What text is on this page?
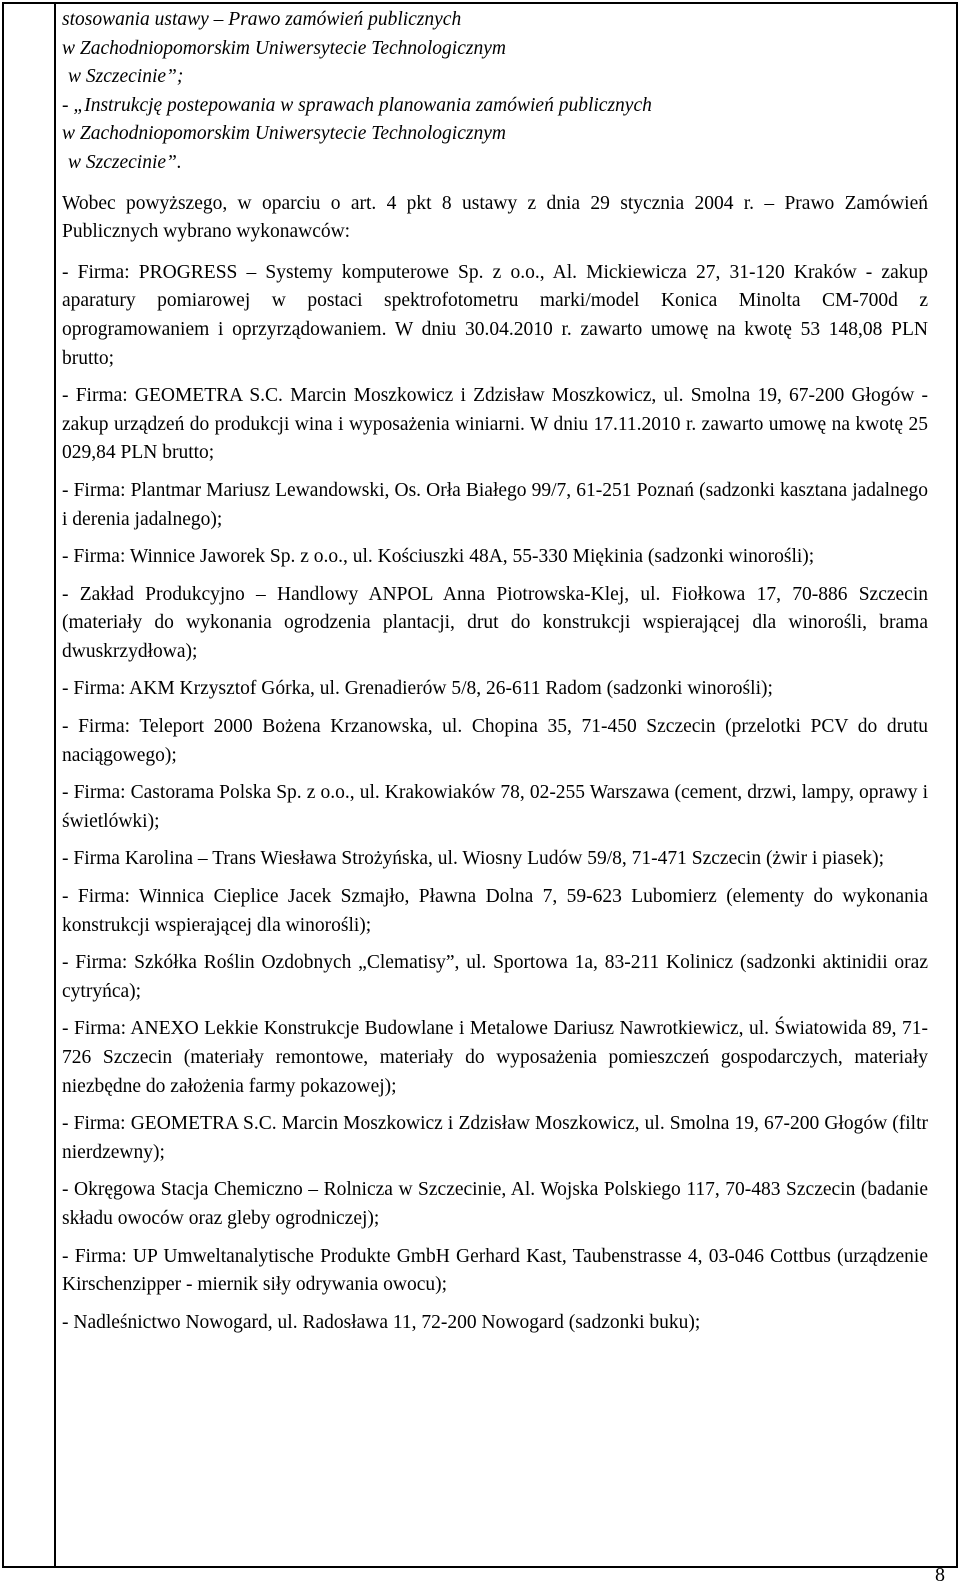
stosowania ustawy – Prawo zamówień publicznych

w Zachodniopomorskim Uniwersytecie Technologicznym

w Szczecinie”;

- „Instrukcję postepowania w sprawach planowania zamówień publicznych

w Zachodniopomorskim Uniwersytecie Technologicznym

w Szczecinie”.

Wobec powyższego, w oparciu o art. 4 pkt 8 ustawy z dnia 29 stycznia 2004 r. – Prawo Zamówień Publicznych wybrano wykonawców:

- Firma: PROGRESS – Systemy komputerowe Sp. z o.o., Al. Mickiewicza 27, 31-120 Kraków - zakup aparatury pomiarowej w postaci spektrofotometru marki/model Konica Minolta CM-700d z oprogramowaniem i oprzyrządowaniem. W dniu 30.04.2010 r. zawarto umowę na kwotę 53 148,08 PLN brutto;

- Firma: GEOMETRA S.C. Marcin Moszkowicz i Zdzisław Moszkowicz, ul. Smolna 19, 67-200 Głogów - zakup urządzeń do produkcji wina i wyposażenia winiarni. W dniu 17.11.2010 r. zawarto umowę na kwotę 25 029,84 PLN brutto;

- Firma: Plantmar Mariusz Lewandowski, Os. Orła Białego 99/7, 61-251 Poznań (sadzonki kasztana jadalnego i derenia jadalnego);

- Firma: Winnice Jaworek Sp. z o.o., ul. Kościuszki 48A, 55-330 Miękinia (sadzonki winorośli);

- Zakład Produkcyjno – Handlowy ANPOL Anna Piotrowska-Klej, ul. Fiołkowa 17, 70-886 Szczecin (materiały do wykonania ogrodzenia plantacji, drut do konstrukcji wspierającej dla winorośli, brama dwuskrzydłowa);

- Firma: AKM Krzysztof Górka, ul. Grenadierów 5/8, 26-611 Radom (sadzonki winorośli);

- Firma: Teleport 2000 Bożena Krzanowska, ul. Chopina 35, 71-450 Szczecin (przelotki PCV do drutu naciągowego);

- Firma: Castorama Polska Sp. z o.o., ul. Krakowiaków 78, 02-255 Warszawa (cement, drzwi, lampy, oprawy i świetlówki);

- Firma Karolina – Trans Wiesława Strożyńska, ul. Wiosny Ludów 59/8, 71-471 Szczecin (żwir i piasek);

- Firma: Winnica Cieplice Jacek Szmajło, Pławna Dolna 7, 59-623 Lubomierz (elementy do wykonania konstrukcji wspierającej dla winorośli);

- Firma: Szkółka Roślin Ozdobnych „Clematisy”, ul. Sportowa 1a, 83-211 Kolinicz (sadzonki aktinidii oraz cytryńca);

- Firma: ANEXO Lekkie Konstrukcje Budowlane i Metalowe Dariusz Nawrotkiewicz, ul. Światowida 89, 71-726 Szczecin (materiały remontowe, materiały do wyposażenia pomieszczeń gospodarczych, materiały niezbędne do założenia farmy pokazowej);

- Firma: GEOMETRA S.C. Marcin Moszkowicz i Zdzisław Moszkowicz, ul. Smolna 19, 67-200 Głogów (filtr nierdzewny);

- Okręgowa Stacja Chemiczno – Rolnicza w Szczecinie, Al. Wojska Polskiego 117, 70-483 Szczecin (badanie składu owoców oraz gleby ogrodniczej);

- Firma: UP Umweltanalytische Produkte GmbH Gerhard Kast, Taubenstrasse 4, 03-046 Cottbus (urządzenie Kirschenzipper - miernik siły odrywania owocu);

- Nadleśnictwo Nowogard, ul. Radosława 11, 72-200 Nowogard (sadzonki buku);

8
